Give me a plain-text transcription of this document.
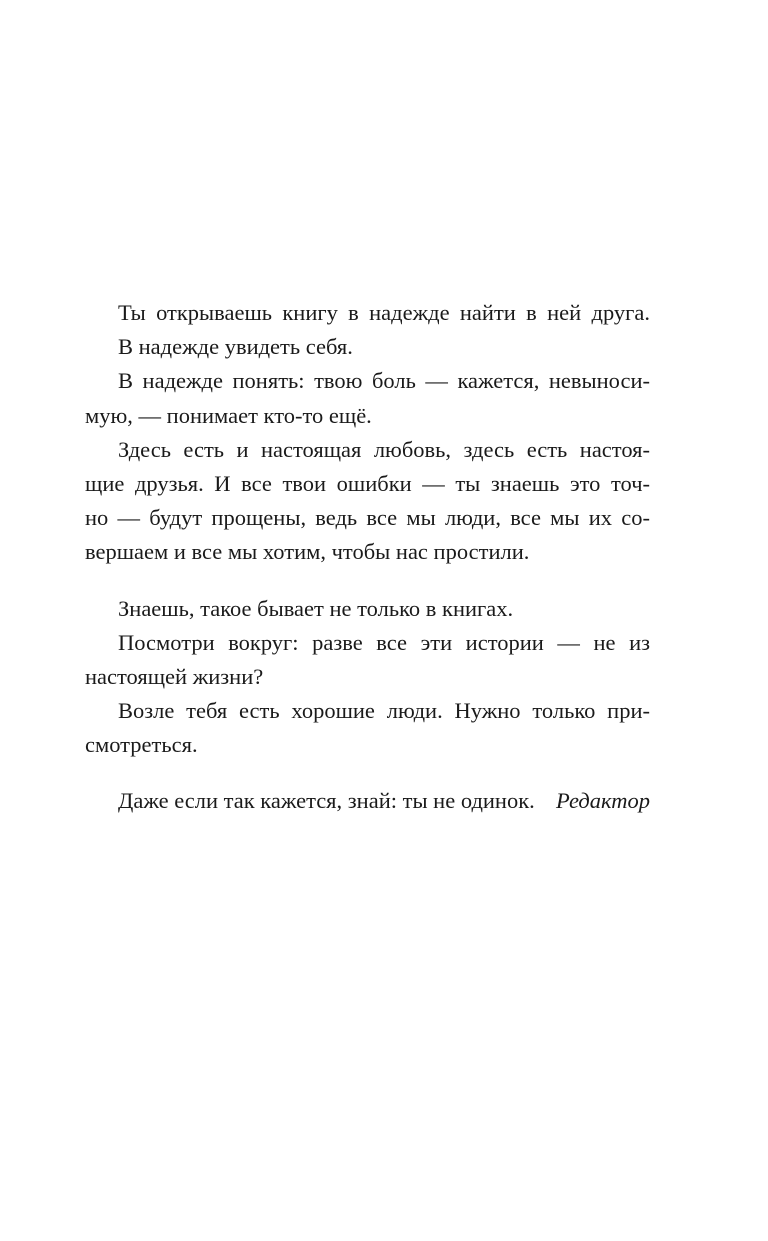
Ты открываешь книгу в надежде найти в ней друга.
В надежде увидеть себя.
В надежде понять: твою боль — кажется, невыноси-
мую, — понимает кто-то ещё.
Здесь есть и настоящая любовь, здесь есть настоя-
щие друзья. И все твои ошибки — ты знаешь это точ-
но — будут прощены, ведь все мы люди, все мы их со-
вершаем и все мы хотим, чтобы нас простили.
Знаешь, такое бывает не только в книгах.
Посмотри вокруг: разве все эти истории — не из
настоящей жизни?
Возле тебя есть хорошие люди. Нужно только при-
смотреться.
Даже если так кажется, знай: ты не одинок. Редактор
